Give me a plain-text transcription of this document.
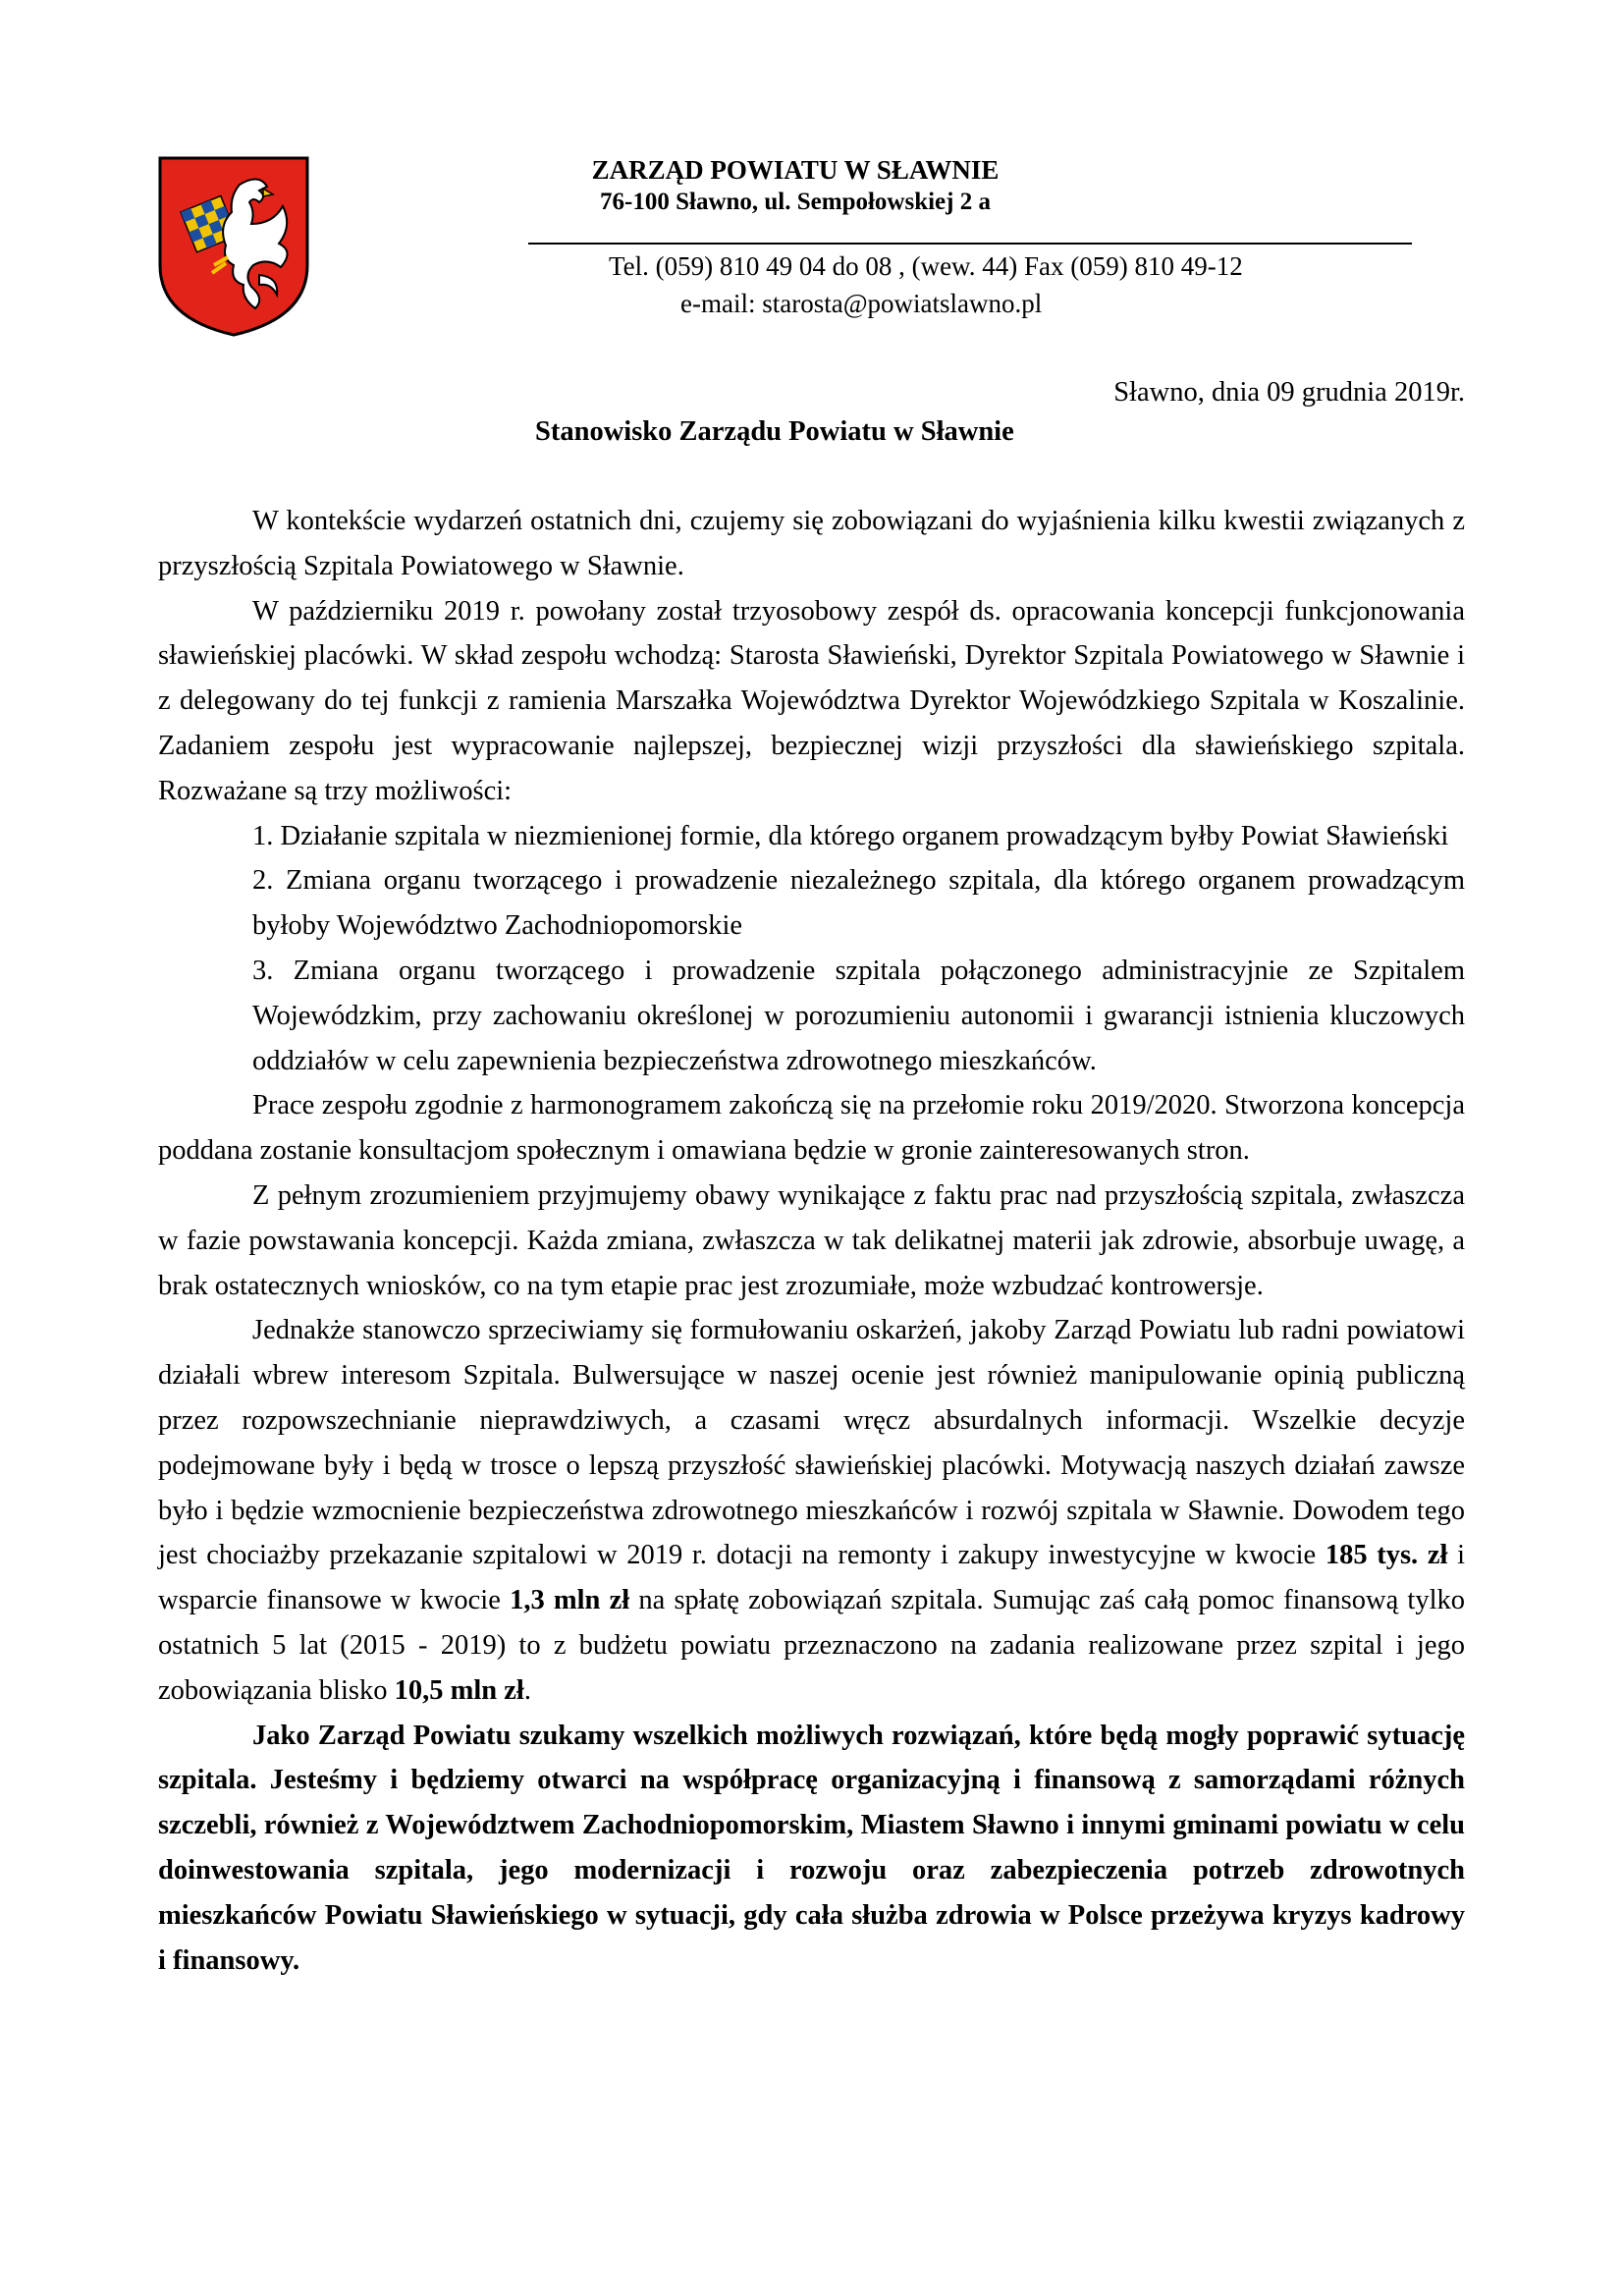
ZARZĄD POWIATU W SŁAWNIE
76-100 Sławno, ul. Sempołowskiej 2 a
Tel. (059) 810 49 04 do 08 , (wew. 44) Fax (059) 810 49-12
e-mail: starosta@powiatslawno.pl
Sławno, dnia 09 grudnia 2019r.
Stanowisko Zarządu Powiatu w Sławnie

W kontekście wydarzeń ostatnich dni, czujemy się zobowiązani do wyjaśnienia kilku kwestii związanych z przyszłością Szpitala Powiatowego w Sławnie.

W październiku 2019 r. powołany został trzyosobowy zespół ds. opracowania koncepcji funkcjonowania sławieńskiej placówki. W skład zespołu wchodzą: Starosta Sławieński, Dyrektor Szpitala Powiatowego w Sławnie i z delegowany do tej funkcji z ramienia Marszałka Województwa Dyrektor Wojewódzkiego Szpitala w Koszalinie. Zadaniem zespołu jest wypracowanie najlepszej, bezpiecznej wizji przyszłości dla sławieńskiego szpitala. Rozważane są trzy możliwości:

1. Działanie szpitala w niezmienionej formie, dla którego organem prowadzącym byłby Powiat Sławieński

2. Zmiana organu tworzącego i prowadzenie niezależnego szpitala, dla którego organem prowadzącym byłoby Województwo Zachodniopomorskie

3. Zmiana organu tworzącego i prowadzenie szpitala połączonego administracyjnie ze Szpitalem Wojewódzkim, przy zachowaniu określonej w porozumieniu autonomii i gwarancji istnienia kluczowych oddziałów w celu zapewnienia bezpieczeństwa zdrowotnego mieszkańców.

Prace zespołu zgodnie z harmonogramem zakończą się na przełomie roku 2019/2020. Stworzona koncepcja poddana zostanie konsultacjom społecznym i omawiana będzie w gronie zainteresowanych stron.

Z pełnym zrozumieniem przyjmujemy obawy wynikające z faktu prac nad przyszłością szpitala, zwłaszcza w fazie powstawania koncepcji. Każda zmiana, zwłaszcza w tak delikatnej materii jak zdrowie, absorbuje uwagę, a brak ostatecznych wniosków, co na tym etapie prac jest zrozumiałe, może wzbudzać kontrowersje.

Jednakże stanowczo sprzeciwiamy się formułowaniu oskarżeń, jakoby Zarząd Powiatu lub radni powiatowi działali wbrew interesom Szpitala. Bulwersujące w naszej ocenie jest również manipulowanie opinią publiczną przez rozpowszechnianie nieprawdziwych, a czasami wręcz absurdalnych informacji. Wszelkie decyzje podejmowane były i będą w trosce o lepszą przyszłość sławieńskiej placówki. Motywacją naszych działań zawsze było i będzie wzmocnienie bezpieczeństwa zdrowotnego mieszkańców i rozwój szpitala w Sławnie. Dowodem tego jest chociażby przekazanie szpitalowi w 2019 r. dotacji na remonty i zakupy inwestycyjne w kwocie 185 tys. zł i wsparcie finansowe w kwocie 1,3 mln zł na spłatę zobowiązań szpitala. Sumując zaś całą pomoc finansową tylko ostatnich 5 lat (2015 - 2019) to z budżetu powiatu przeznaczono na zadania realizowane przez szpital i jego zobowiązania blisko 10,5 mln zł.

Jako Zarząd Powiatu szukamy wszelkich możliwych rozwiązań, które będą mogły poprawić sytuację szpitala. Jesteśmy i będziemy otwarci na współpracę organizacyjną i finansową z samorządami różnych szczebli, również z Województwem Zachodniopomorskim, Miastem Sławno i innymi gminami powiatu w celu doinwestowania szpitala, jego modernizacji i rozwoju oraz zabezpieczenia potrzeb zdrowotnych mieszkańców Powiatu Sławieńskiego w sytuacji, gdy cała służba zdrowia w Polsce przeżywa kryzys kadrowy i finansowy.
